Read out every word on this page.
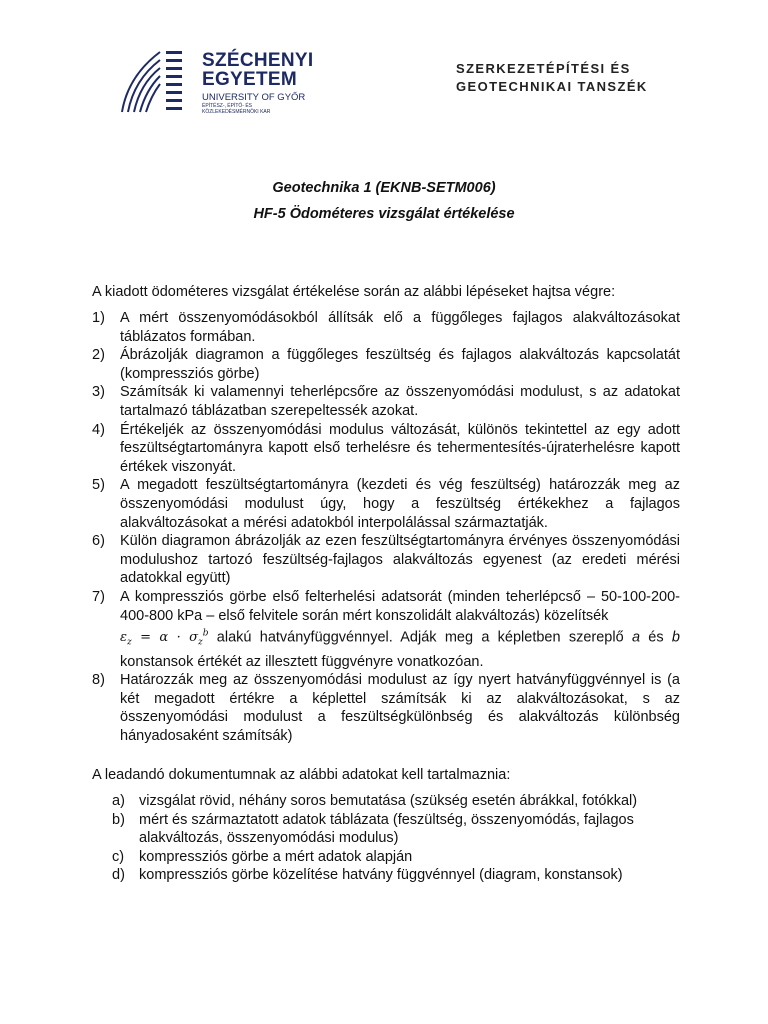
SZÉCHENYI
EGYETEM
UNIVERSITY OF GYŐR
ÉPÍTÉSZ-, ÉPÍTŐ- ÉS
KÖZLEKEDÉSMÉRNÖKI KAR
SZERKEZETÉPÍTÉSI ÉS
GEOTECHNIKAI TANSZÉK
Geotechnika 1 (EKNB-SETM006)
HF-5 Ödométeres vizsgálat értékelése
A kiadott ödométeres vizsgálat értékelése során az alábbi lépéseket hajtsa végre:
1) A mért összenyomódásokból állítsák elő a függőleges fajlagos alakváltozásokat táblázatos formában.
2) Ábrázolják diagramon a függőleges feszültség és fajlagos alakváltozás kapcsolatát (kompressziós görbe)
3) Számítsák ki valamennyi teherlépcsőre az összenyomódási modulust, s az adatokat tartalmazó táblázatban szerepeltessék azokat.
4) Értékeljék az összenyomódási modulus változását, különös tekintettel az egy adott feszültségtartományra kapott első terhelésre és tehermentesítés-újraterhelésre kapott értékek viszonyát.
5) A megadott feszültségtartományra (kezdeti és vég feszültség) határozzák meg az összenyomódási modulust úgy, hogy a feszültség értékekhez a fajlagos alakváltozásokat a mérési adatokból interpolálással származtatják.
6) Külön diagramon ábrázolják az ezen feszültségtartományra érvényes összenyomódási modulushoz tartozó feszültség-fajlagos alakváltozás egyenest (az eredeti mérési adatokkal együtt)
7) A kompressziós görbe első felterhelési adatsorát (minden teherlépcső – 50-100-200-400-800 kPa – első felvitele során mért konszolidált alakváltozás) közelítsék
$\varepsilon_z = \alpha \cdot \sigma_z^b$ alakú hatványfüggvénnyel. Adják meg a képletben szereplő a és b konstansok értékét az illesztett függvényre vonatkozóan.
8) Határozzák meg az összenyomódási modulust az így nyert hatványfüggvénnyel is (a két megadott értékre a képlettel számítsák ki az alakváltozásokat, s az összenyomódási modulust a feszültségkülönbség és alakváltozás különbség hányadosaként számítsák)
A leadandó dokumentumnak az alábbi adatokat kell tartalmaznia:
a) vizsgálat rövid, néhány soros bemutatása (szükség esetén ábrákkal, fotókkal)
b) mért és származtatott adatok táblázata (feszültség, összenyomódás, fajlagos alakváltozás, összenyomódási modulus)
c) kompressziós görbe a mért adatok alapján
d) kompressziós görbe közelítése hatvány függvénnyel (diagram, konstansok)
